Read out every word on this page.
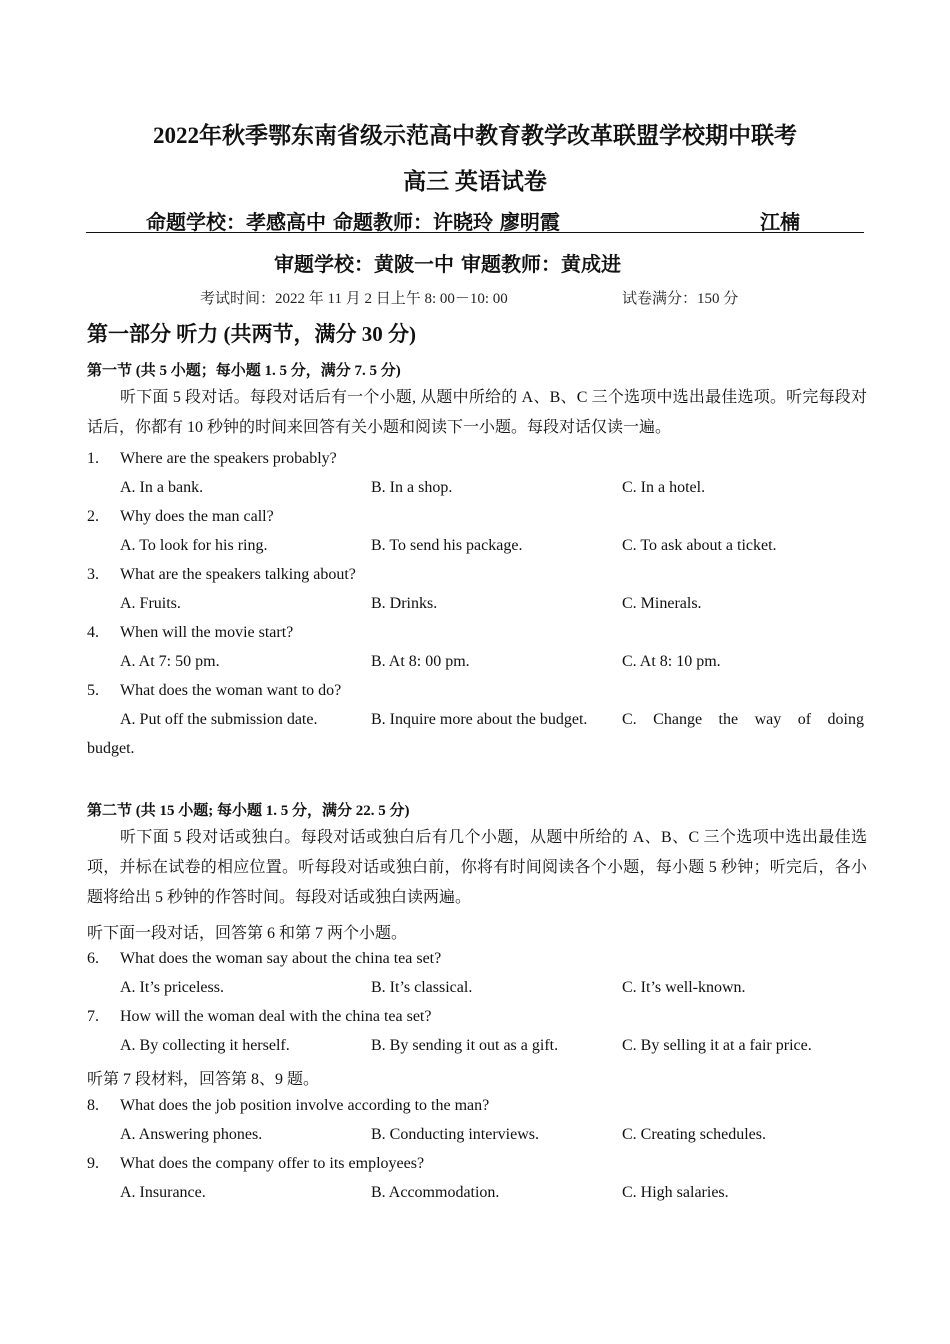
2022年秋季鄂东南省级示范高中教育教学改革联盟学校期中联考
高三 英语试卷
命题学校：孝感高中 命题教师：许晓玲 廖明霞	江楠
审题学校：黄陂一中 审题教师：黄成进
考试时间：2022 年 11 月 2 日上午 8: 00－10: 00	试卷满分：150 分
第一部分 听力 (共两节，满分 30 分)
第一节 (共 5 小题；每小题 1. 5 分，满分 7. 5 分)
听下面 5 段对话。每段对话后有一个小题, 从题中所给的 A、B、C 三个选项中选出最佳选项。听完每段对话后，你都有 10 秒钟的时间来回答有关小题和阅读下一小题。每段对话仅读一遍。
1. Where are the speakers probably?
A. In a bank.	B. In a shop.	C. In a hotel.
2. Why does the man call?
A. To look for his ring.	B. To send his package.	C. To ask about a ticket.
3. What are the speakers talking about?
A. Fruits.	B. Drinks.	C. Minerals.
4. When will the movie start?
A. At 7: 50 pm.	B. At 8: 00 pm.	C. At 8: 10 pm.
5. What does the woman want to do?
A. Put off the submission date.	B. Inquire more about the budget. C. Change the way of doing
budget.
第二节 (共 15 小题; 每小题 1. 5 分，满分 22. 5 分)
听下面 5 段对话或独白。每段对话或独白后有几个小题，从题中所给的 A、B、C 三个选项中选出最佳选项，并标在试卷的相应位置。听每段对话或独白前，你将有时间阅读各个小题，每小题 5 秒钟；听完后，各小题将给出 5 秒钟的作答时间。每段对话或独白读两遍。
听下面一段对话，回答第 6 和第 7 两个小题。
6. What does the woman say about the china tea set?
A. It’s priceless.	B. It’s classical.	C. It’s well-known.
7. How will the woman deal with the china tea set?
A. By collecting it herself.	B. By sending it out as a gift.	C. By selling it at a fair price.
听第 7 段材料，回答第 8、9 题。
8. What does the job position involve according to the man?
A. Answering phones.	B. Conducting interviews.	C. Creating schedules.
9. What does the company offer to its employees?
A. Insurance.	B. Accommodation.	C. High salaries.
